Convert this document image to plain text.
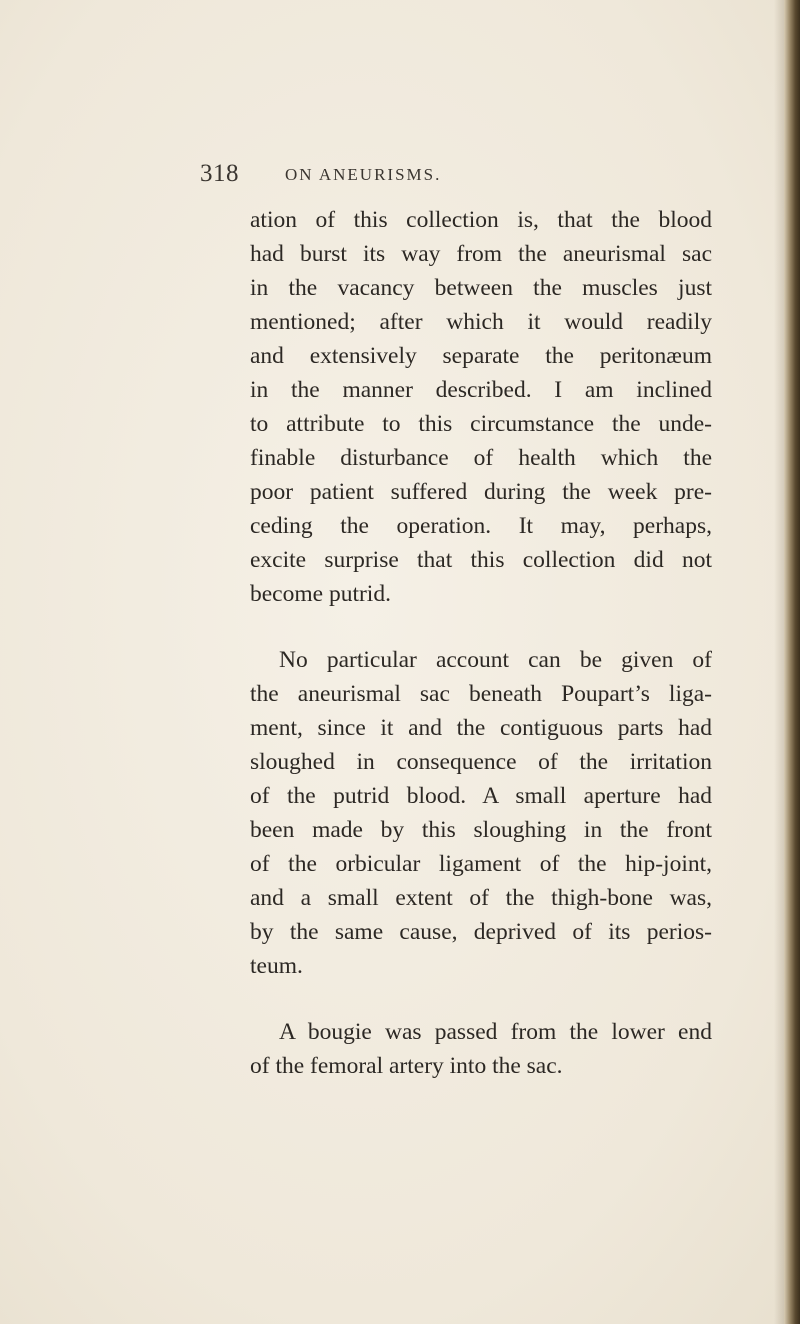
318	ON ANEURISMS.
ation of this collection is, that the blood
had burst its way from the aneurismal sac
in the vacancy between the muscles just
mentioned; after which it would readily
and extensively separate the peritonæum
in the manner described. I am inclined
to attribute to this circumstance the unde-
finable disturbance of health which the
poor patient suffered during the week pre-
ceding the operation. It may, perhaps,
excite surprise that this collection did not
become putrid.
No particular account can be given of
the aneurismal sac beneath Poupart’s liga-
ment, since it and the contiguous parts had
sloughed in consequence of the irritation
of the putrid blood. A small aperture had
been made by this sloughing in the front
of the orbicular ligament of the hip-joint,
and a small extent of the thigh-bone was,
by the same cause, deprived of its perios-
teum.
A bougie was passed from the lower end
of the femoral artery into the sac.
